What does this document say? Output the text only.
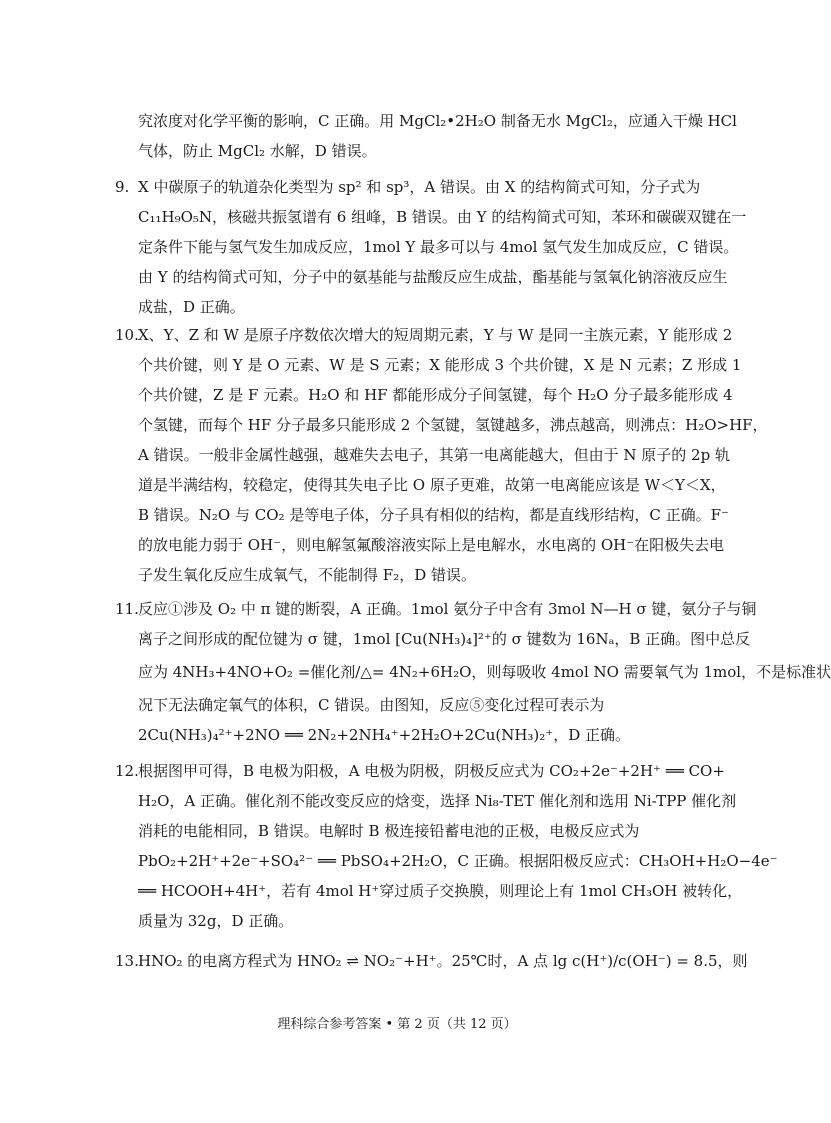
究浓度对化学平衡的影响，C 正确。用 MgCl₂•2H₂O 制备无水 MgCl₂，应通入干燥 HCl
气体，防止 MgCl₂ 水解，D 错误。
9. X 中碳原子的轨道杂化类型为 sp² 和 sp³，A 错误。由 X 的结构简式可知，分子式为
C₁₁H₉O₅N，核磁共振氢谱有 6 组峰，B 错误。由 Y 的结构简式可知，苯环和碳碳双键在一
定条件下能与氢气发生加成反应，1mol Y 最多可以与 4mol 氢气发生加成反应，C 错误。
由 Y 的结构简式可知，分子中的氨基能与盐酸反应生成盐，酯基能与氢氧化钠溶液反应生
成盐，D 正确。
10. X、Y、Z 和 W 是原子序数依次增大的短周期元素，Y 与 W 是同一主族元素，Y 能形成 2
个共价键，则 Y 是 O 元素、W 是 S 元素；X 能形成 3 个共价键，X 是 N 元素；Z 形成 1
个共价键，Z 是 F 元素。H₂O 和 HF 都能形成分子间氢键，每个 H₂O 分子最多能形成 4
个氢键，而每个 HF 分子最多只能形成 2 个氢键，氢键越多，沸点越高，则沸点：H₂O>HF，
A 错误。一般非金属性越强，越难失去电子，其第一电离能越大，但由于 N 原子的 2p 轨
道是半满结构，较稳定，使得其失电子比 O 原子更难，故第一电离能应该是 W＜Y＜X，
B 错误。N₂O 与 CO₂ 是等电子体，分子具有相似的结构，都是直线形结构，C 正确。F⁻
的放电能力弱于 OH⁻，则电解氢氟酸溶液实际上是电解水，水电离的 OH⁻在阳极失去电
子发生氧化反应生成氧气，不能制得 F₂，D 错误。
11. 反应①涉及 O₂ 中 π 键的断裂，A 正确。1mol 氨分子中含有 3mol N—H σ 键，氨分子与铜
离子之间形成的配位键为 σ 键，1mol [Cu(NH₃)₄]²⁺的 σ 键数为 16Nₐ，B 正确。图中总反
应为 4NH₃+4NO+O₂ =催化剂/△= 4N₂+6H₂O，则每吸收 4mol NO 需要氧气为 1mol，不是标准状
况下无法确定氧气的体积，C 错误。由图知，反应⑤变化过程可表示为
2Cu(NH₃)₄²⁺+2NO ══ 2N₂+2NH₄⁺+2H₂O+2Cu(NH₃)₂⁺，D 正确。
12. 根据图甲可得，B 电极为阳极，A 电极为阴极，阴极反应式为 CO₂+2e⁻+2H⁺ ══ CO+
H₂O，A 正确。催化剂不能改变反应的焓变，选择 Ni₈-TET 催化剂和选用 Ni-TPP 催化剂
消耗的电能相同，B 错误。电解时 B 极连接铅蓄电池的正极，电极反应式为
PbO₂+2H⁺+2e⁻+SO₄²⁻ ══ PbSO₄+2H₂O，C 正确。根据阳极反应式：CH₃OH+H₂O−4e⁻
══ HCOOH+4H⁺，若有 4mol H⁺穿过质子交换膜，则理论上有 1mol CH₃OH 被转化，
质量为 32g，D 正确。
13. HNO₂ 的电离方程式为 HNO₂ ⇌ NO₂⁻+H⁺。25℃时，A 点 lg c(H⁺)/c(OH⁻) = 8.5，则
理科综合参考答案 • 第 2 页（共 12 页）
